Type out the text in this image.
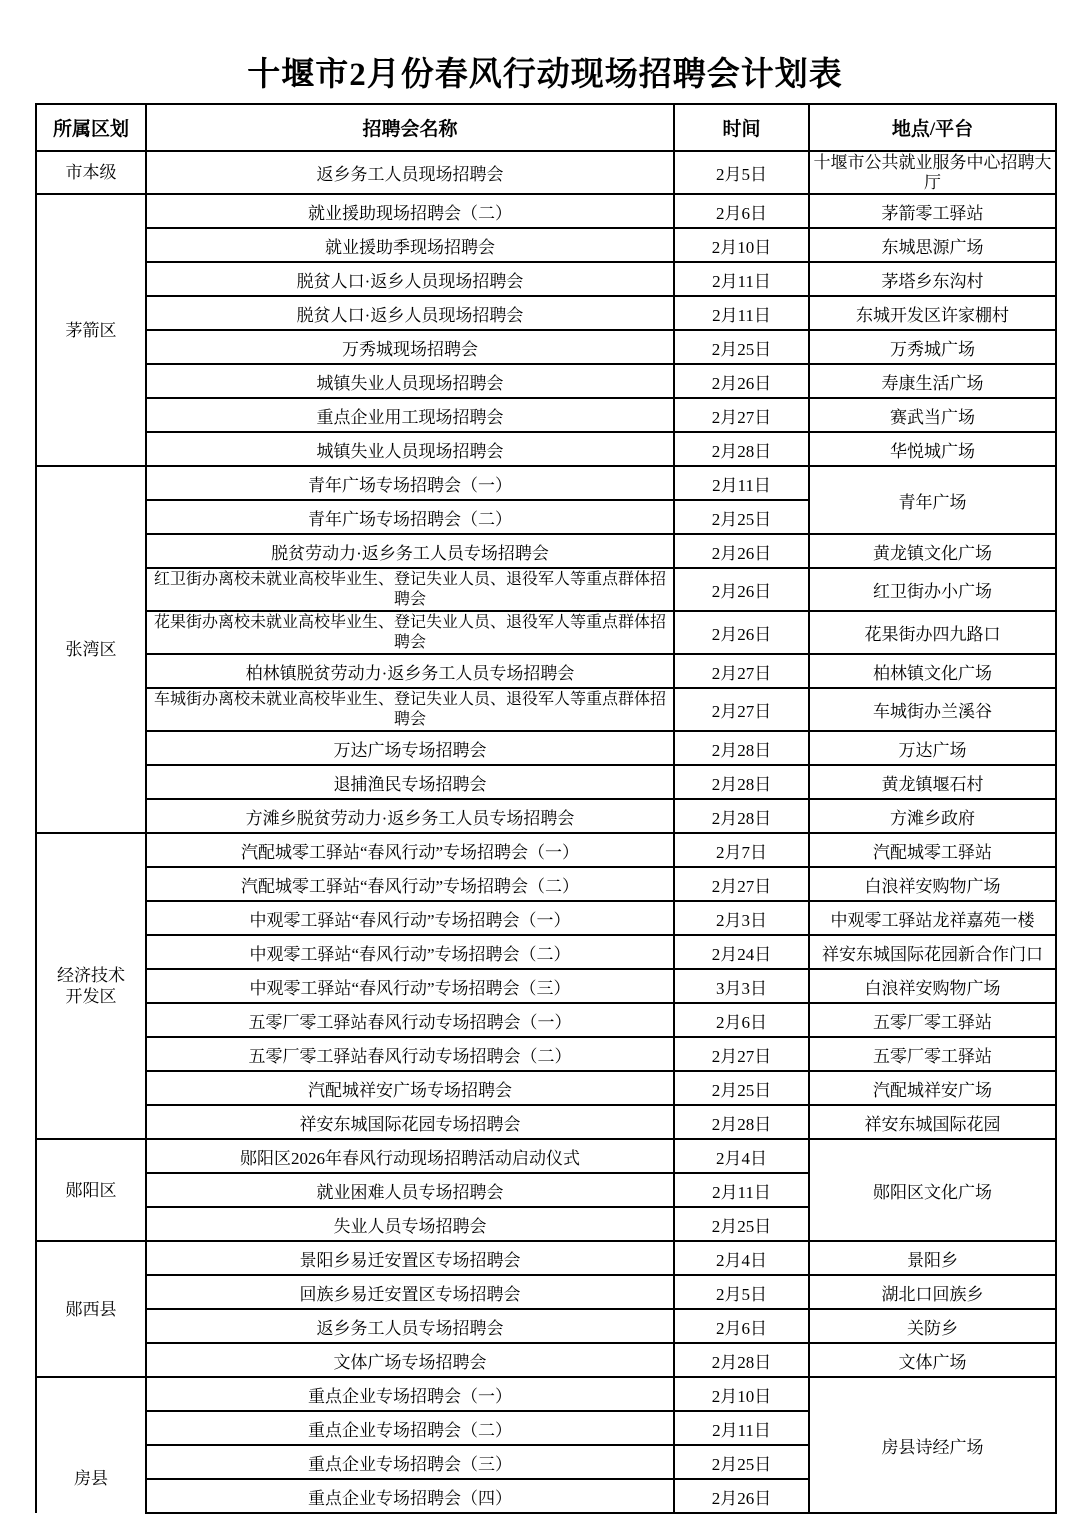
十堰市2月份春风行动现场招聘会计划表
所属区划	招聘会名称	时间	地点/平台
市本级	返乡务工人员现场招聘会	2月5日	十堰市公共就业服务中心招聘大厅

茅箭区	就业援助现场招聘会（二）	2月6日	茅箭零工驿站
	就业援助季现场招聘会	2月10日	东城思源广场
	脱贫人口·返乡人员现场招聘会	2月11日	茅塔乡东沟村
	脱贫人口·返乡人员现场招聘会	2月11日	东城开发区许家棚村
	万秀城现场招聘会	2月25日	万秀城广场
	城镇失业人员现场招聘会	2月26日	寿康生活广场
	重点企业用工现场招聘会	2月27日	赛武当广场
	城镇失业人员现场招聘会	2月28日	华悦城广场
张湾区	青年广场专场招聘会（一）	2月11日	青年广场
	青年广场专场招聘会（二）	2月25日	
	脱贫劳动力·返乡务工人员专场招聘会	2月26日	黄龙镇文化广场

	红卫街办离校未就业高校毕业生、登记失业人员、退役军人等重点群体招聘会	2月26日	红卫街办小广场

	花果街办离校未就业高校毕业生、登记失业人员、退役军人等重点群体招聘会	2月26日	花果街办四九路口
	柏林镇脱贫劳动力·返乡务工人员专场招聘会	2月27日	柏林镇文化广场

	车城街办离校未就业高校毕业生、登记失业人员、退役军人等重点群体招聘会	2月27日	车城街办兰溪谷
	万达广场专场招聘会	2月28日	万达广场
	退捕渔民专场招聘会	2月28日	黄龙镇堰石村
	方滩乡脱贫劳动力·返乡务工人员专场招聘会	2月28日	方滩乡政府
经济技术开发区	汽配城零工驿站“春风行动”专场招聘会（一）	2月7日	汽配城零工驿站
	汽配城零工驿站“春风行动”专场招聘会（二）	2月27日	白浪祥安购物广场
	中观零工驿站“春风行动”专场招聘会（一）	2月3日	中观零工驿站龙祥嘉苑一楼
	中观零工驿站“春风行动”专场招聘会（二）	2月24日	祥安东城国际花园新合作门口
	中观零工驿站“春风行动”专场招聘会（三）	3月3日	白浪祥安购物广场
	五零厂零工驿站春风行动专场招聘会（一）	2月6日	五零厂零工驿站
	五零厂零工驿站春风行动专场招聘会（二）	2月27日	五零厂零工驿站
	汽配城祥安广场专场招聘会	2月25日	汽配城祥安广场
	祥安东城国际花园专场招聘会	2月28日	祥安东城国际花园
郧阳区	郧阳区2026年春风行动现场招聘活动启动仪式	2月4日	郧阳区文化广场
	就业困难人员专场招聘会	2月11日	
	失业人员专场招聘会	2月25日	
郧西县	景阳乡易迁安置区专场招聘会	2月4日	景阳乡
	回族乡易迁安置区专场招聘会	2月5日	湖北口回族乡
	返乡务工人员专场招聘会	2月6日	关防乡
	文体广场专场招聘会	2月28日	文体广场
房县	重点企业专场招聘会（一）	2月10日	房县诗经广场
	重点企业专场招聘会（二）	2月11日	
	重点企业专场招聘会（三）	2月25日	
	重点企业专场招聘会（四）	2月26日	
